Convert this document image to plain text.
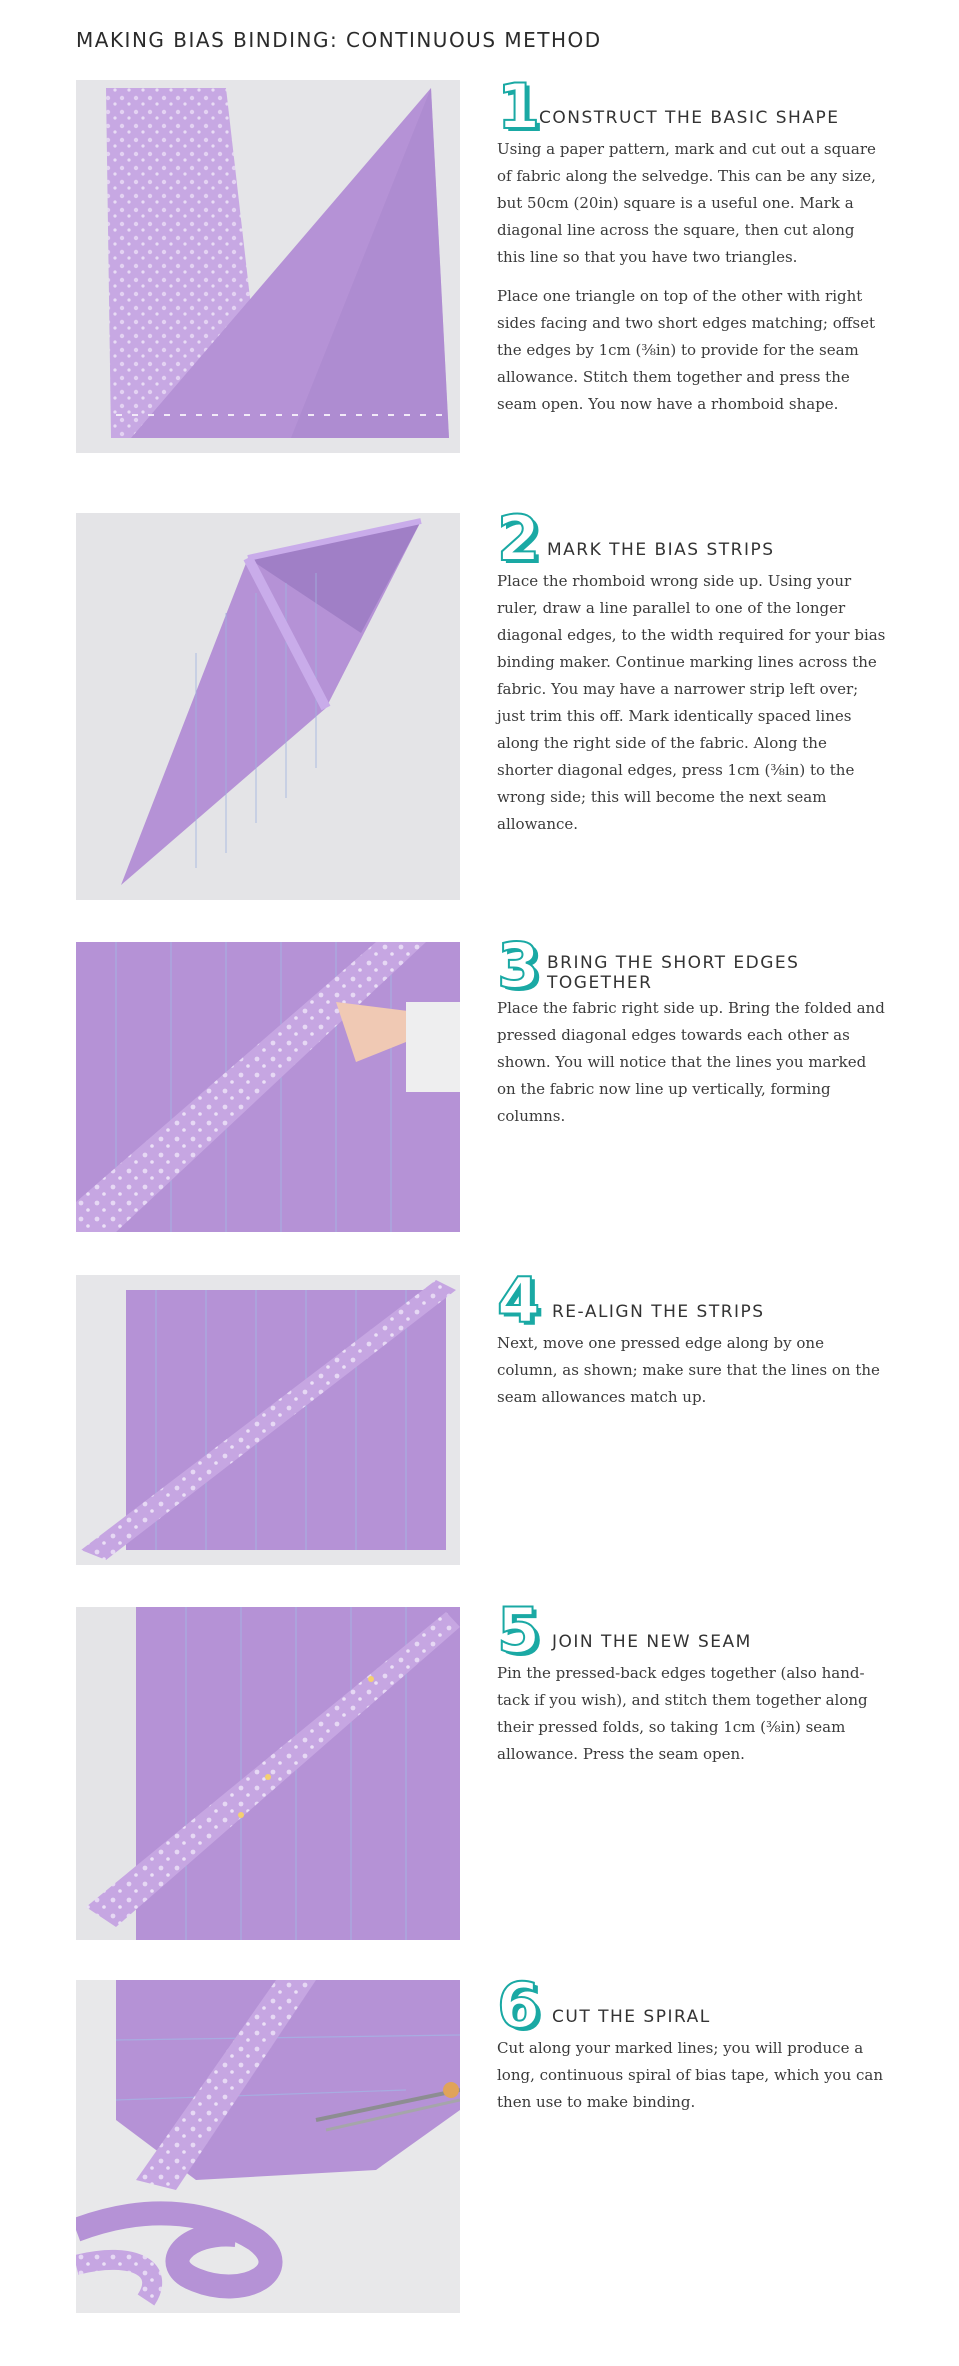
MAKING BIAS BINDING: CONTINUOUS METHOD
1
CONSTRUCT THE BASIC SHAPE

Using a paper pattern, mark and cut out a square of fabric along the selvedge. This can be any size, but 50cm (20in) square is a useful one. Mark a diagonal line across the square, then cut along this line so that you have two triangles.

Place one triangle on top of the other with right sides facing and two short edges matching; offset the edges by 1cm (⅜in) to provide for the seam allowance. Stitch them together and press the seam open. You now have a rhomboid shape.

2 MARK THE BIAS STRIPS

Place the rhomboid wrong side up. Using your ruler, draw a line parallel to one of the longer diagonal edges, to the width required for your bias binding maker. Continue marking lines across the fabric. You may have a narrower strip left over; just trim this off. Mark identically spaced lines along the right side of the fabric. Along the shorter diagonal edges, press 1cm (⅜in) to the wrong side; this will become the next seam allowance.

3 BRING THE SHORT EDGES TOGETHER

Place the fabric right side up. Bring the folded and pressed diagonal edges towards each other as shown. You will notice that the lines you marked on the fabric now line up vertically, forming columns.

4 RE-ALIGN THE STRIPS

Next, move one pressed edge along by one column, as shown; make sure that the lines on the seam allowances match up.

5 JOIN THE NEW SEAM

Pin the pressed-back edges together (also hand-tack if you wish), and stitch them together along their pressed folds, so taking 1cm (⅜in) seam allowance. Press the seam open.

6 CUT THE SPIRAL

Cut along your marked lines; you will produce a long, continuous spiral of bias tape, which you can then use to make binding.
